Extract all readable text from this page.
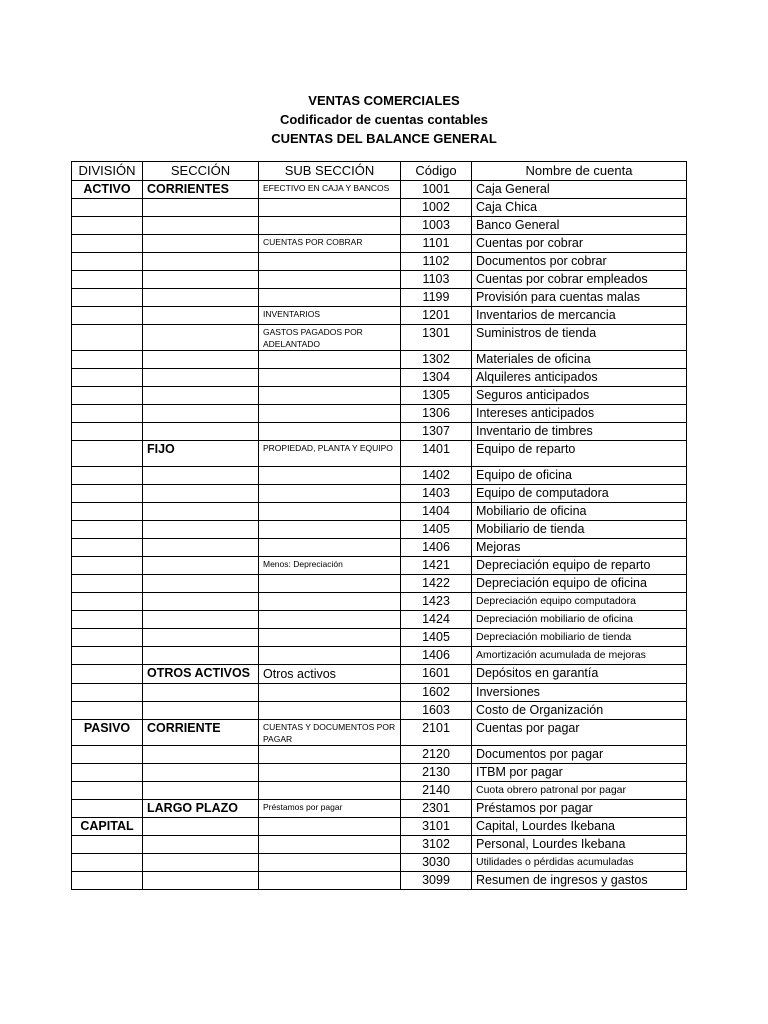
VENTAS COMERCIALES
Codificador de cuentas contables
CUENTAS DEL BALANCE GENERAL
DIVISIÓN	SECCIÓN	SUB SECCIÓN	Código	Nombre de cuenta
ACTIVO	CORRIENTES	EFECTIVO EN CAJA Y BANCOS	1001	Caja General
			1002	Caja Chica
			1003	Banco General
		CUENTAS POR COBRAR	1101	Cuentas por cobrar
			1102	Documentos por cobrar
			1103	Cuentas por cobrar empleados
			1199	Provisión para cuentas malas
		INVENTARIOS	1201	Inventarios de mercancia
		GASTOS PAGADOS POR ADELANTADO	1301	Suministros de tienda
			1302	Materiales de oficina
			1304	Alquileres anticipados
			1305	Seguros anticipados
			1306	Intereses anticipados
			1307	Inventario de timbres
	FIJO	PROPIEDAD, PLANTA Y EQUIPO	1401	Equipo de reparto
			1402	Equipo de oficina
			1403	Equipo de computadora
			1404	Mobiliario de oficina
			1405	Mobiliario de tienda
			1406	Mejoras
		Menos: Depreciación	1421	Depreciación equipo de reparto
			1422	Depreciación equipo de oficina
			1423	Depreciación equipo computadora
			1424	Depreciación mobiliario de oficina
			1405	Depreciación mobiliario de tienda
			1406	Amortización acumulada de mejoras
	OTROS ACTIVOS	Otros activos	1601	Depósitos en garantía
			1602	Inversiones
			1603	Costo de Organización
PASIVO	CORRIENTE	CUENTAS Y DOCUMENTOS POR PAGAR	2101	Cuentas por pagar
			2120	Documentos por pagar
			2130	ITBM por pagar
			2140	Cuota obrero patronal por pagar
	LARGO PLAZO	Préstamos por pagar	2301	Préstamos por pagar
CAPITAL			3101	Capital, Lourdes Ikebana
			3102	Personal, Lourdes Ikebana
			3030	Utilidades o pérdidas acumuladas
			3099	Resumen de ingresos y gastos
